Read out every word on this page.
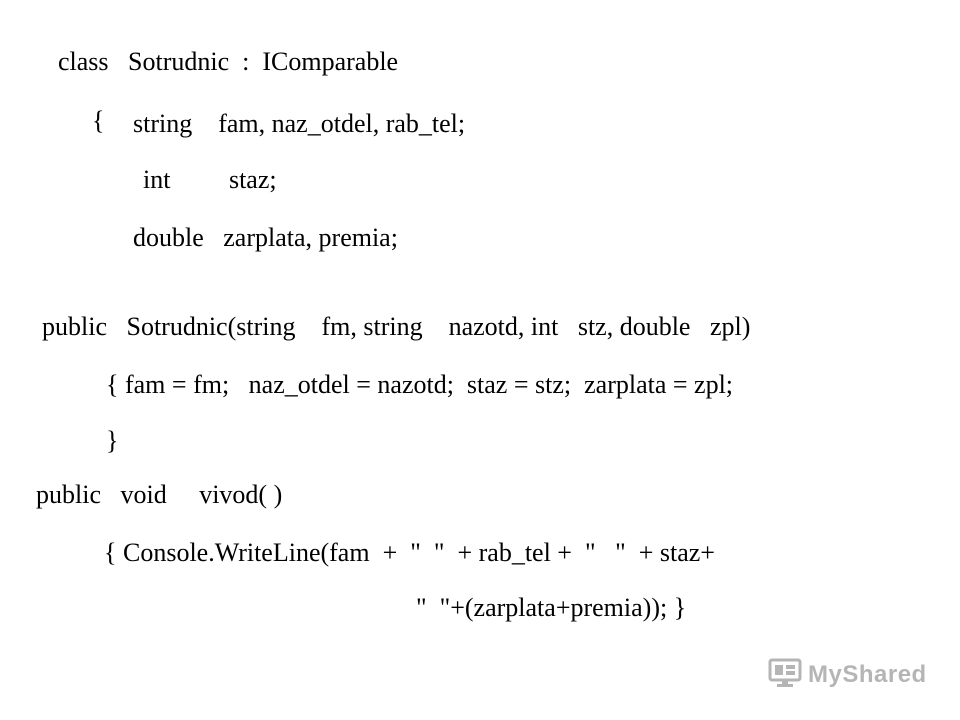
class   Sotrudnic  :  IComparable
{ string    fam, naz_otdel, rab_tel;
int         staz;
double   zarplata, premia;
public   Sotrudnic(string    fm, string    nazotd, int   stz, double   zpl)
{ fam = fm;   naz_otdel = nazotd;  staz = stz;  zarplata = zpl;
}
public   void     vivod( )
{ Console.WriteLine(fam  +  "  "  + rab_tel +  "   "  + staz+
"  "+(zarplata+premia)); }
MyShared
